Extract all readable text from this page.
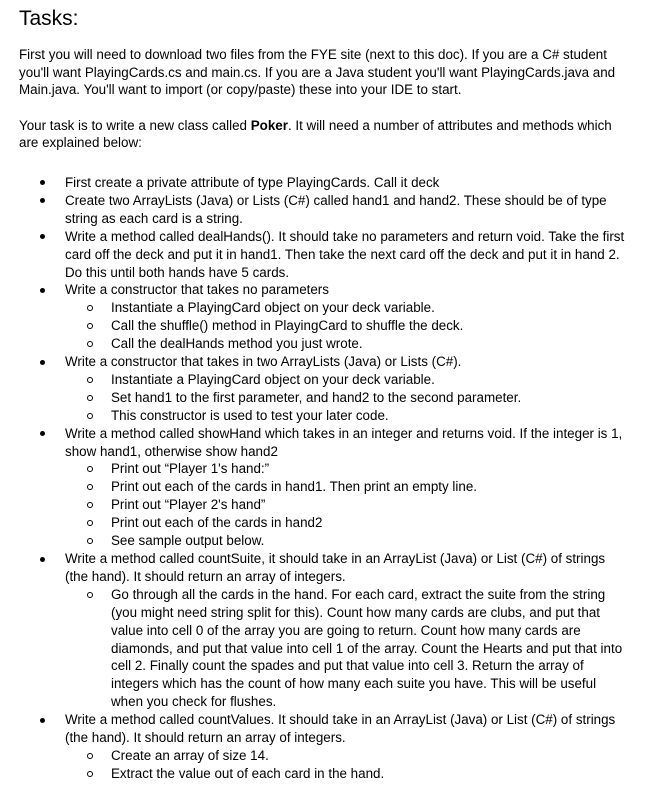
Tasks:

First you will need to download two files from the FYE site (next to this doc). If you are a C# student you'll want PlayingCards.cs and main.cs. If you are a Java student you'll want PlayingCards.java and Main.java. You'll want to import (or copy/paste) these into your IDE to start.

Your task is to write a new class called Poker. It will need a number of attributes and methods which are explained below:

First create a private attribute of type PlayingCards. Call it deck
Create two ArrayLists (Java) or Lists (C#) called hand1 and hand2. These should be of type string as each card is a string.
Write a method called dealHands(). It should take no parameters and return void. Take the first card off the deck and put it in hand1. Then take the next card off the deck and put it in hand 2. Do this until both hands have 5 cards.
Write a constructor that takes no parameters
Instantiate a PlayingCard object on your deck variable.
Call the shuffle() method in PlayingCard to shuffle the deck.
Call the dealHands method you just wrote.
Write a constructor that takes in two ArrayLists (Java) or Lists (C#).
Instantiate a PlayingCard object on your deck variable.
Set hand1 to the first parameter, and hand2 to the second parameter.
This constructor is used to test your later code.
Write a method called showHand which takes in an integer and returns void. If the integer is 1, show hand1, otherwise show hand2
Print out “Player 1's hand:”
Print out each of the cards in hand1. Then print an empty line.
Print out “Player 2's hand”
Print out each of the cards in hand2
See sample output below.
Write a method called countSuite, it should take in an ArrayList (Java) or List (C#) of strings (the hand). It should return an array of integers.
Go through all the cards in the hand. For each card, extract the suite from the string (you might need string split for this). Count how many cards are clubs, and put that value into cell 0 of the array you are going to return. Count how many cards are diamonds, and put that value into cell 1 of the array. Count the Hearts and put that into cell 2. Finally count the spades and put that value into cell 3. Return the array of integers which has the count of how many each suite you have. This will be useful when you check for flushes.
Write a method called countValues. It should take in an ArrayList (Java) or List (C#) of strings (the hand). It should return an array of integers.
Create an array of size 14.
Extract the value out of each card in the hand.
